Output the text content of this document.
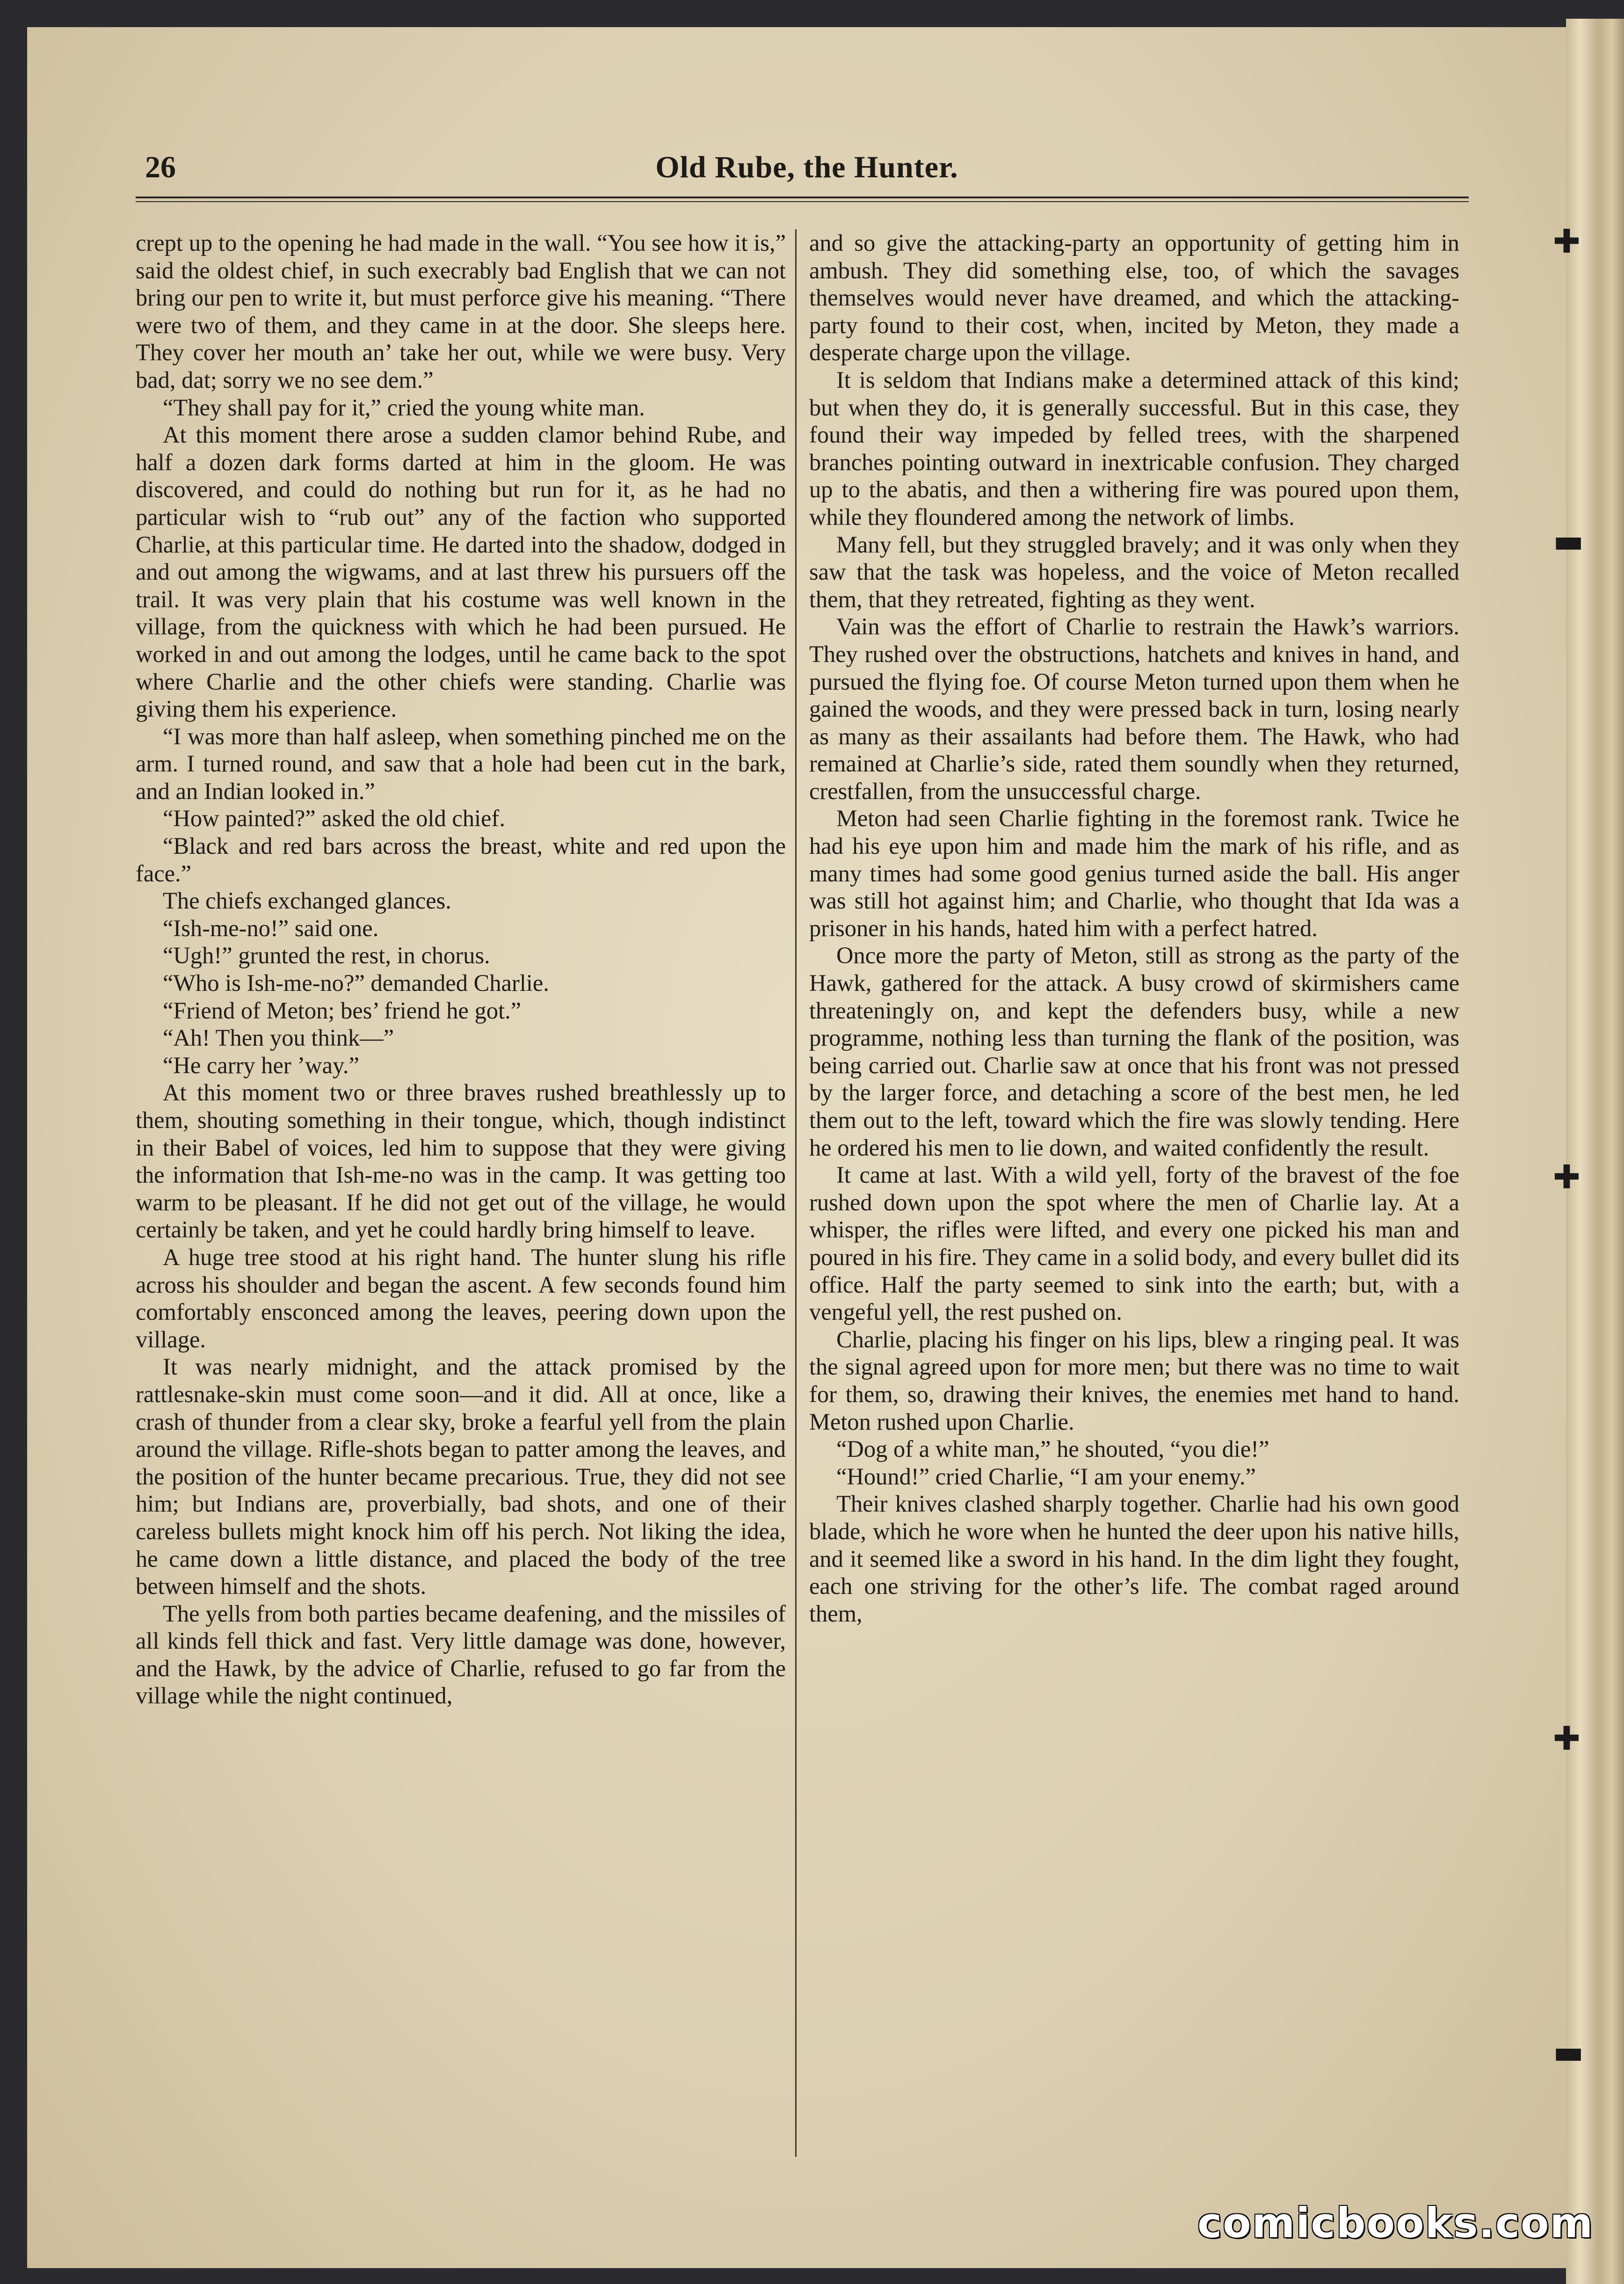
✚
▬
✚
✚
▬
26	Old Rube, the Hunter.

crept up to the opening he had made in the wall. “You see how it is,” said the oldest chief, in such execrably bad English that we can not bring our pen to write it, but must perforce give his meaning. “There were two of them, and they came in at the door. She sleeps here. They cover her mouth an’ take her out, while we were busy. Very bad, dat; sorry we no see dem.”

“They shall pay for it,” cried the young white man.

At this moment there arose a sudden clamor behind Rube, and half a dozen dark forms darted at him in the gloom. He was discovered, and could do nothing but run for it, as he had no particular wish to “rub out” any of the faction who supported Charlie, at this particular time. He darted into the shadow, dodged in and out among the wigwams, and at last threw his pursuers off the trail. It was very plain that his costume was well known in the village, from the quickness with which he had been pursued. He worked in and out among the lodges, until he came back to the spot where Charlie and the other chiefs were standing. Charlie was giving them his experience.

“I was more than half asleep, when something pinched me on the arm. I turned round, and saw that a hole had been cut in the bark, and an Indian looked in.”

“How painted?” asked the old chief.

“Black and red bars across the breast, white and red upon the face.”

The chiefs exchanged glances.

“Ish-me-no!” said one.

“Ugh!” grunted the rest, in chorus.

“Who is Ish-me-no?” demanded Charlie.

“Friend of Meton; bes’ friend he got.”

“Ah! Then you think—”

“He carry her ’way.”

At this moment two or three braves rushed breathlessly up to them, shouting something in their tongue, which, though indistinct in their Babel of voices, led him to suppose that they were giving the information that Ish-me-no was in the camp. It was getting too warm to be pleasant. If he did not get out of the village, he would certainly be taken, and yet he could hardly bring himself to leave.

A huge tree stood at his right hand. The hunter slung his rifle across his shoulder and began the ascent. A few seconds found him comfortably ensconced among the leaves, peering down upon the village.

It was nearly midnight, and the attack promised by the rattlesnake-skin must come soon—and it did. All at once, like a crash of thunder from a clear sky, broke a fearful yell from the plain around the village. Rifle-shots began to patter among the leaves, and the position of the hunter became precarious. True, they did not see him; but Indians are, proverbially, bad shots, and one of their careless bullets might knock him off his perch. Not liking the idea, he came down a little distance, and placed the body of the tree between himself and the shots.

The yells from both parties became deafening, and the missiles of all kinds fell thick and fast. Very little damage was done, however, and the Hawk, by the advice of Charlie, refused to go far from the village while the night continued,

and so give the attacking-party an opportunity of getting him in ambush. They did something else, too, of which the savages themselves would never have dreamed, and which the attacking-party found to their cost, when, incited by Meton, they made a desperate charge upon the village.

It is seldom that Indians make a determined attack of this kind; but when they do, it is generally successful. But in this case, they found their way impeded by felled trees, with the sharpened branches pointing outward in inextricable confusion. They charged up to the abatis, and then a withering fire was poured upon them, while they floundered among the network of limbs.

Many fell, but they struggled bravely; and it was only when they saw that the task was hopeless, and the voice of Meton recalled them, that they retreated, fighting as they went.

Vain was the effort of Charlie to restrain the Hawk’s warriors. They rushed over the obstructions, hatchets and knives in hand, and pursued the flying foe. Of course Meton turned upon them when he gained the woods, and they were pressed back in turn, losing nearly as many as their assailants had before them. The Hawk, who had remained at Charlie’s side, rated them soundly when they returned, crestfallen, from the unsuccessful charge.

Meton had seen Charlie fighting in the foremost rank. Twice he had his eye upon him and made him the mark of his rifle, and as many times had some good genius turned aside the ball. His anger was still hot against him; and Charlie, who thought that Ida was a prisoner in his hands, hated him with a perfect hatred.

Once more the party of Meton, still as strong as the party of the Hawk, gathered for the attack. A busy crowd of skirmishers came threateningly on, and kept the defenders busy, while a new programme, nothing less than turning the flank of the position, was being carried out. Charlie saw at once that his front was not pressed by the larger force, and detaching a score of the best men, he led them out to the left, toward which the fire was slowly tending. Here he ordered his men to lie down, and waited confidently the result.

It came at last. With a wild yell, forty of the bravest of the foe rushed down upon the spot where the men of Charlie lay. At a whisper, the rifles were lifted, and every one picked his man and poured in his fire. They came in a solid body, and every bullet did its office. Half the party seemed to sink into the earth; but, with a vengeful yell, the rest pushed on.

Charlie, placing his finger on his lips, blew a ringing peal. It was the signal agreed upon for more men; but there was no time to wait for them, so, drawing their knives, the enemies met hand to hand. Meton rushed upon Charlie.

“Dog of a white man,” he shouted, “you die!”

“Hound!” cried Charlie, “I am your enemy.”

Their knives clashed sharply together. Charlie had his own good blade, which he wore when he hunted the deer upon his native hills, and it seemed like a sword in his hand. In the dim light they fought, each one striving for the other’s life. The combat raged around them,

comicbooks.com
